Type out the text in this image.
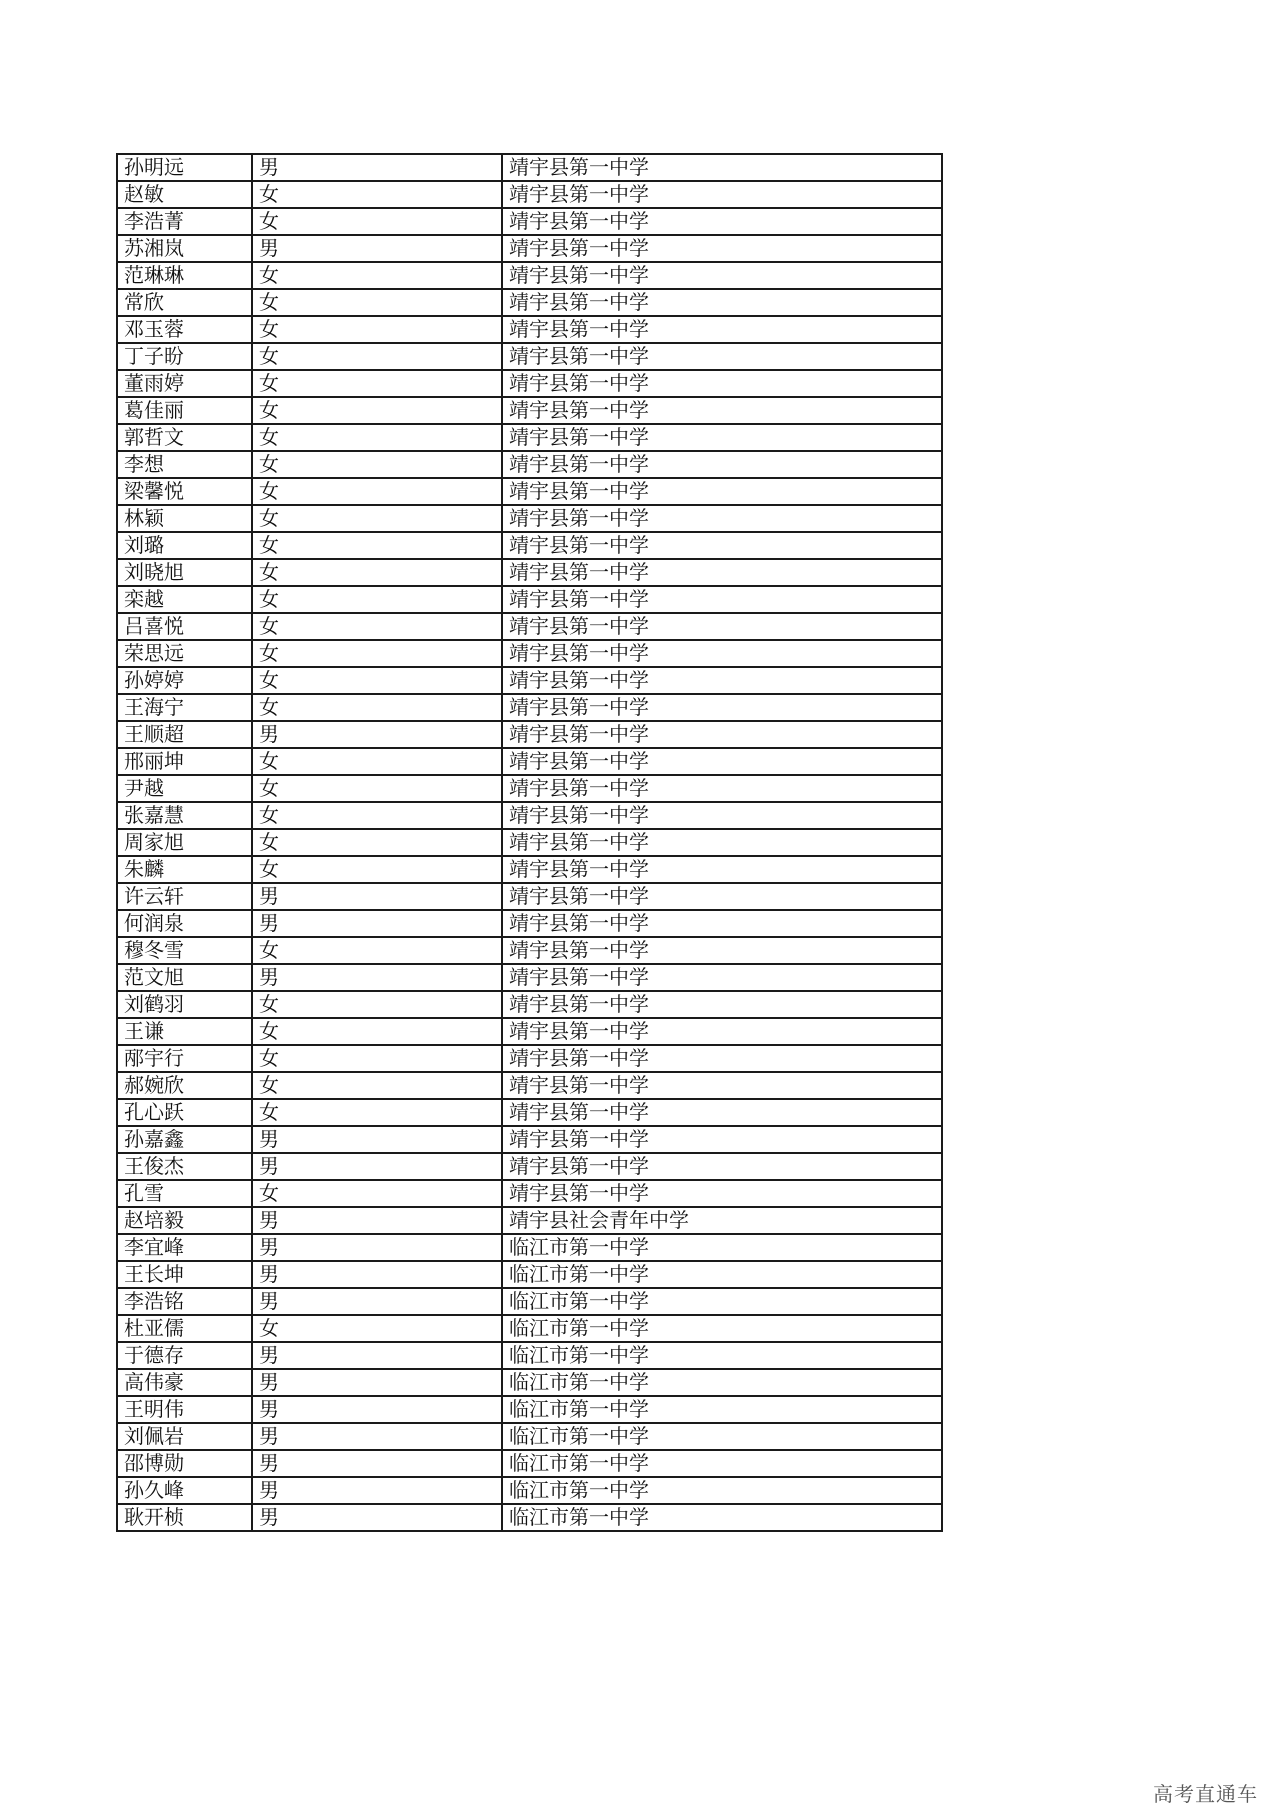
孙明远	男	靖宇县第一中学
赵敏	女	靖宇县第一中学
李浩菁	女	靖宇县第一中学
苏湘岚	男	靖宇县第一中学
范琳琳	女	靖宇县第一中学
常欣	女	靖宇县第一中学
邓玉蓉	女	靖宇县第一中学
丁子昐	女	靖宇县第一中学
董雨婷	女	靖宇县第一中学
葛佳丽	女	靖宇县第一中学
郭哲文	女	靖宇县第一中学
李想	女	靖宇县第一中学
梁馨悦	女	靖宇县第一中学
林颖	女	靖宇县第一中学
刘璐	女	靖宇县第一中学
刘晓旭	女	靖宇县第一中学
栾越	女	靖宇县第一中学
吕喜悦	女	靖宇县第一中学
荣思远	女	靖宇县第一中学
孙婷婷	女	靖宇县第一中学
王海宁	女	靖宇县第一中学
王顺超	男	靖宇县第一中学
邢丽坤	女	靖宇县第一中学
尹越	女	靖宇县第一中学
张嘉慧	女	靖宇县第一中学
周家旭	女	靖宇县第一中学
朱麟	女	靖宇县第一中学
许云轩	男	靖宇县第一中学
何润泉	男	靖宇县第一中学
穆冬雪	女	靖宇县第一中学
范文旭	男	靖宇县第一中学
刘鹤羽	女	靖宇县第一中学
王谦	女	靖宇县第一中学
邴宇行	女	靖宇县第一中学
郝婉欣	女	靖宇县第一中学
孔心跃	女	靖宇县第一中学
孙嘉鑫	男	靖宇县第一中学
王俊杰	男	靖宇县第一中学
孔雪	女	靖宇县第一中学
赵培毅	男	靖宇县社会青年中学
李宜峰	男	临江市第一中学
王长坤	男	临江市第一中学
李浩铭	男	临江市第一中学
杜亚儒	女	临江市第一中学
于德存	男	临江市第一中学
高伟豪	男	临江市第一中学
王明伟	男	临江市第一中学
刘佩岩	男	临江市第一中学
邵博勋	男	临江市第一中学
孙久峰	男	临江市第一中学
耿开桢	男	临江市第一中学
高考直通车
